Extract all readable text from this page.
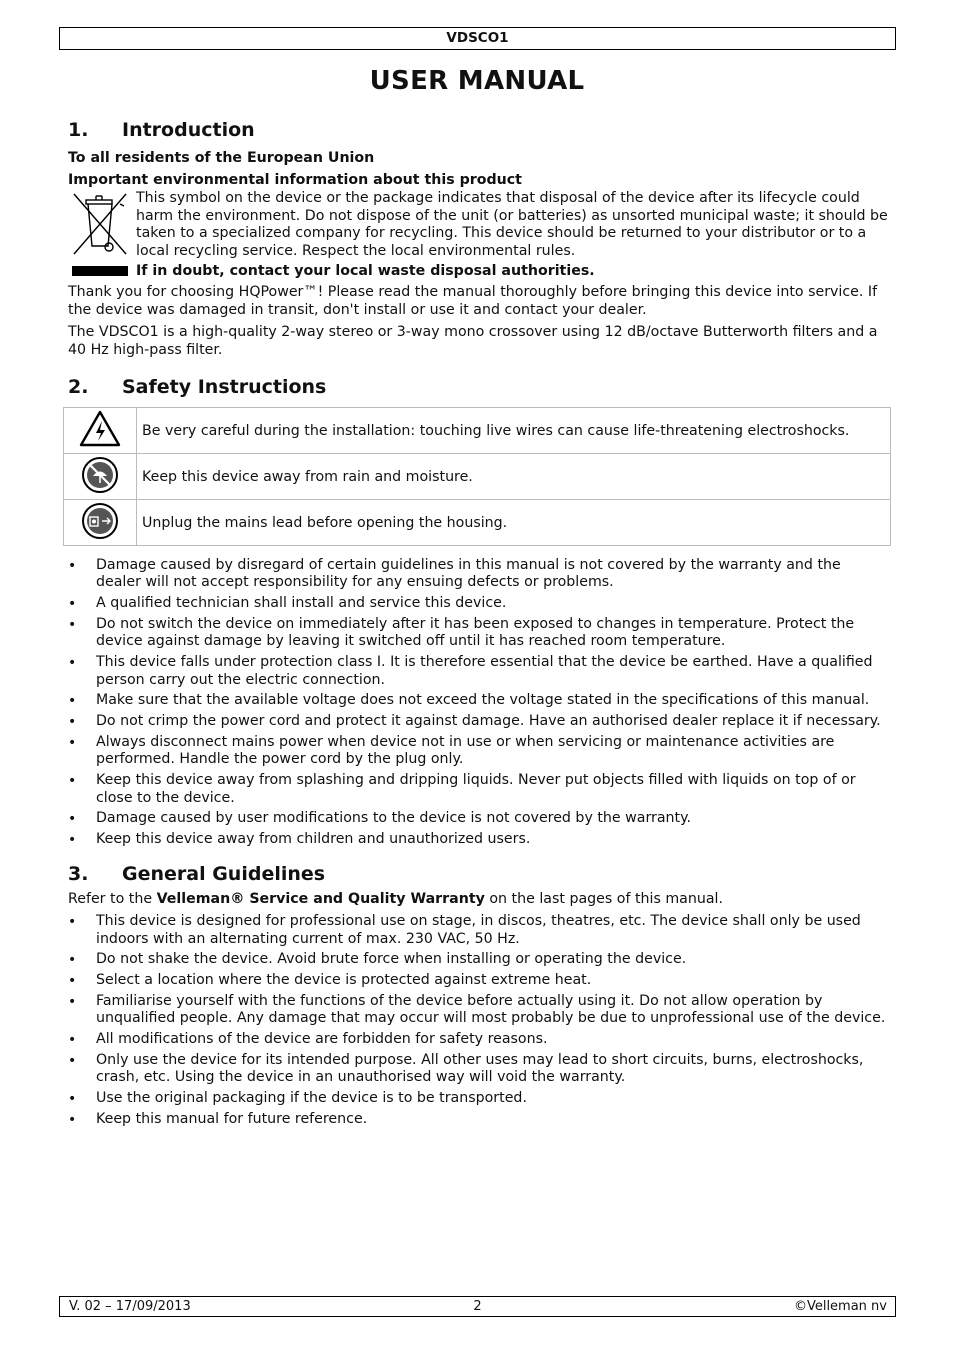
VDSCO1
USER MANUAL
1.	Introduction

To all residents of the European Union

Important environmental information about this product

This symbol on the device or the package indicates that disposal of the device after its lifecycle could harm the environment. Do not dispose of the unit (or batteries) as unsorted municipal waste; it should be taken to a specialized company for recycling. This device should be returned to your distributor or to a local recycling service. Respect the local environmental rules.
If in doubt, contact your local waste disposal authorities.

Thank you for choosing HQPower™! Please read the manual thoroughly before bringing this device into service. If the device was damaged in transit, don't install or use it and contact your dealer.

The VDSCO1 is a high-quality 2-way stereo or 3-way mono crossover using 12 dB/octave Butterworth filters and a 40 Hz high-pass filter.

2.	Safety Instructions
	Be very careful during the installation: touching live wires can cause life-threatening electroshocks.
	Keep this device away from rain and moisture.
	Unplug the mains lead before opening the housing.
• Damage caused by disregard of certain guidelines in this manual is not covered by the warranty and the dealer will not accept responsibility for any ensuing defects or problems.
• A qualified technician shall install and service this device.
• Do not switch the device on immediately after it has been exposed to changes in temperature. Protect the device against damage by leaving it switched off until it has reached room temperature.
• This device falls under protection class I. It is therefore essential that the device be earthed. Have a qualified person carry out the electric connection.
• Make sure that the available voltage does not exceed the voltage stated in the specifications of this manual.
• Do not crimp the power cord and protect it against damage. Have an authorised dealer replace it if necessary.
• Always disconnect mains power when device not in use or when servicing or maintenance activities are performed. Handle the power cord by the plug only.
• Keep this device away from splashing and dripping liquids. Never put objects filled with liquids on top of or close to the device.
• Damage caused by user modifications to the device is not covered by the warranty.
• Keep this device away from children and unauthorized users.
3.	General Guidelines

Refer to the Velleman® Service and Quality Warranty on the last pages of this manual.

• This device is designed for professional use on stage, in discos, theatres, etc. The device shall only be used indoors with an alternating current of max. 230 VAC, 50 Hz.
• Do not shake the device. Avoid brute force when installing or operating the device.
• Select a location where the device is protected against extreme heat.
• Familiarise yourself with the functions of the device before actually using it. Do not allow operation by unqualified people. Any damage that may occur will most probably be due to unprofessional use of the device.
• All modifications of the device are forbidden for safety reasons.
• Only use the device for its intended purpose. All other uses may lead to short circuits, burns, electroshocks, crash, etc. Using the device in an unauthorised way will void the warranty.
• Use the original packaging if the device is to be transported.
• Keep this manual for future reference.
V. 02 – 17/09/2013	2	©Velleman nv
